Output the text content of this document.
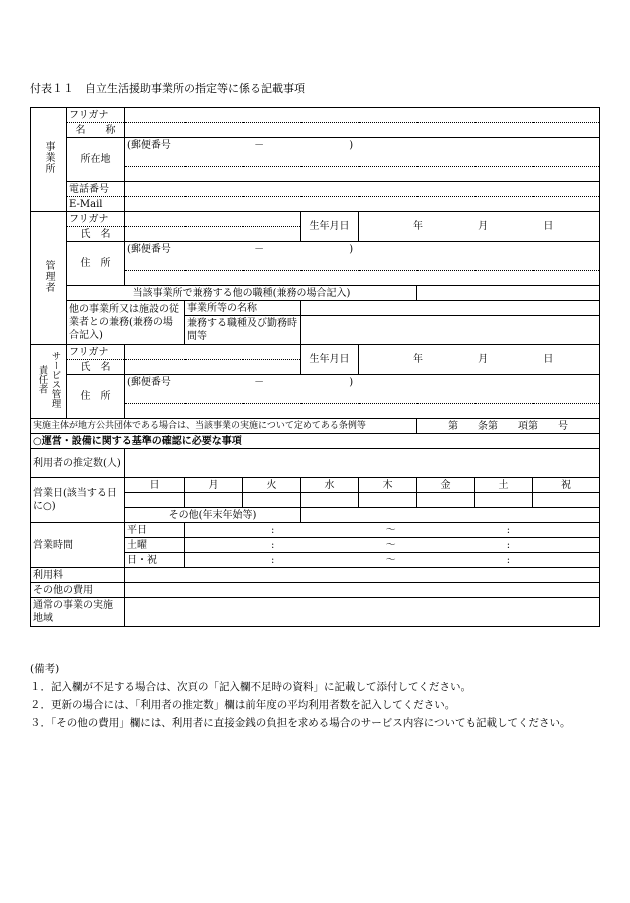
付表１１　自立生活援助事業所の指定等に係る記載事項
事業所	フリガナ								
	名　　称								
	所在地	(郵便番号 － )							

	電話番号								
	E-Mail								
管理者	フリガナ				生年月日	年 月 日			
	氏　名								
	住　所	(郵便番号 － )							

	当該事業所で兼務する他の職種(兼務の場合記入)								
	他の事業所又は施設の従業者との兼務(兼務の場合記入)		事業所等の名称						
			兼務する職種及び勤務時間等						
サービス管理責任者	フリガナ				生年月日	年 月 日			
	氏　名								
	住　所	(郵便番号 － )							

実施主体が地方公共団体である場合は、当該事業の実施について定めてある条例等							第　　条第　　項第　　号		
○運営・設備に関する基準の確認に必要な事項									
利用者の推定数(人)									
営業日(該当する日に○)		日	月	火	水	木	金	土	祝

		その他(年末年始等)							
営業時間		平日	: ～ :						
		土曜	: ～ :						
		日・祝	: ～ :						
利用料									
その他の費用									
通常の事業の実施地域									
(備考)
１．記入欄が不足する場合は、次頁の「記入欄不足時の資料」に記載して添付してください。
２．更新の場合には、「利用者の推定数」欄は前年度の平均利用者数を記入してください。
３．「その他の費用」欄には、利用者に直接金銭の負担を求める場合のサービス内容についても記載してください。
